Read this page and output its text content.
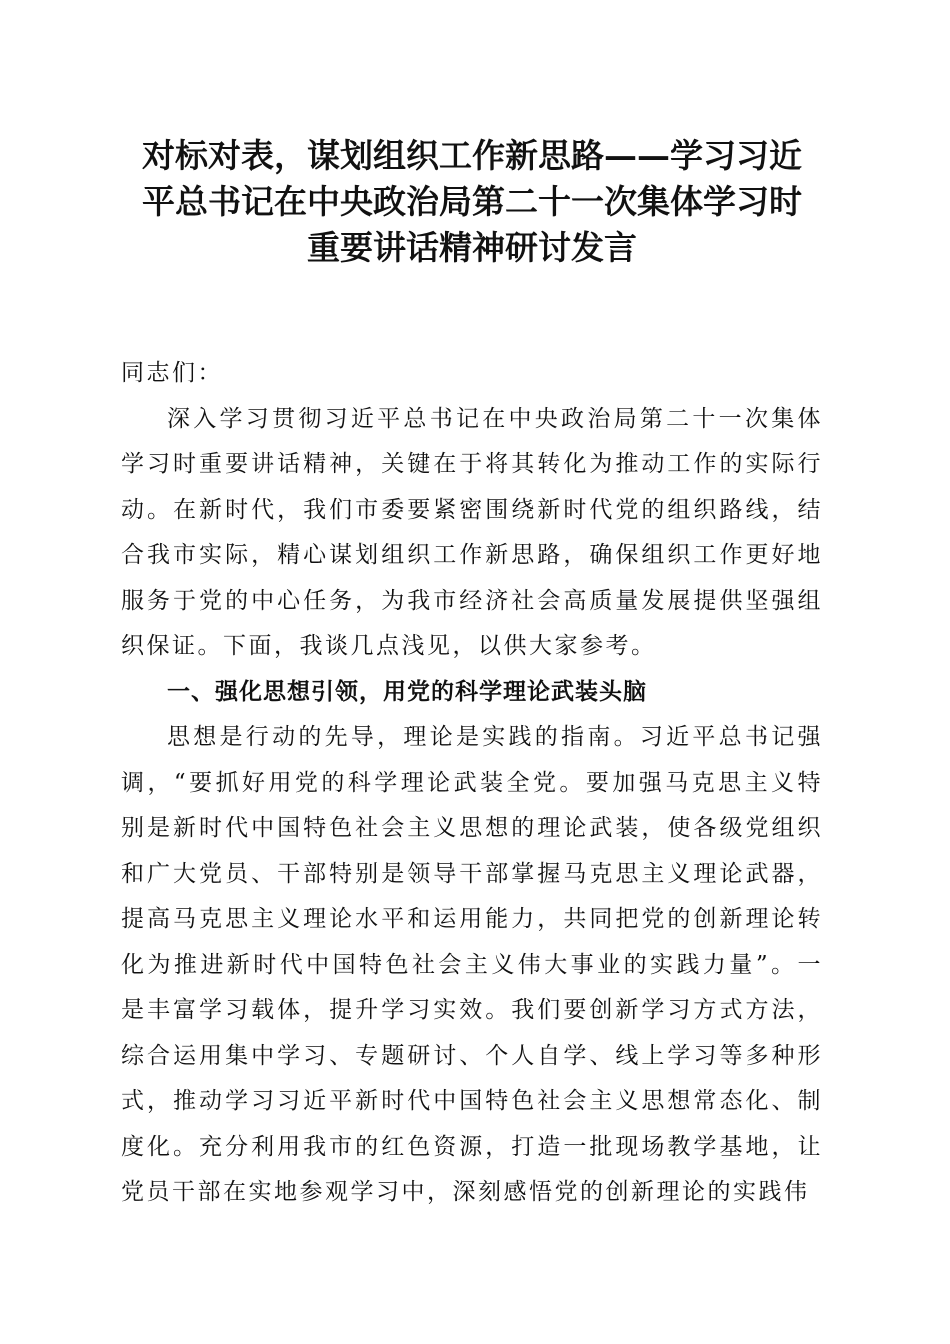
对标对表，谋划组织工作新思路——学习习近
平总书记在中央政治局第二十一次集体学习时
重要讲话精神研讨发言

同志们：

深入学习贯彻习近平总书记在中央政治局第二十一次集体学习时重要讲话精神，关键在于将其转化为推动工作的实际行动。在新时代，我们市委要紧密围绕新时代党的组织路线，结合我市实际，精心谋划组织工作新思路，确保组织工作更好地服务于党的中心任务，为我市经济社会高质量发展提供坚强组织保证。下面，我谈几点浅见，以供大家参考。

一、强化思想引领，用党的科学理论武装头脑

思想是行动的先导，理论是实践的指南。习近平总书记强调，“要抓好用党的科学理论武装全党。要加强马克思主义特别是新时代中国特色社会主义思想的理论武装，使各级党组织和广大党员、干部特别是领导干部掌握马克思主义理论武器，提高马克思主义理论水平和运用能力，共同把党的创新理论转化为推进新时代中国特色社会主义伟大事业的实践力量”。一是丰富学习载体，提升学习实效。我们要创新学习方式方法，综合运用集中学习、专题研讨、个人自学、线上学习等多种形式，推动学习习近平新时代中国特色社会主义思想常态化、制度化。充分利用我市的红色资源，打造一批现场教学基地，让党员干部在实地参观学习中，深刻感悟党的创新理论的实践伟
